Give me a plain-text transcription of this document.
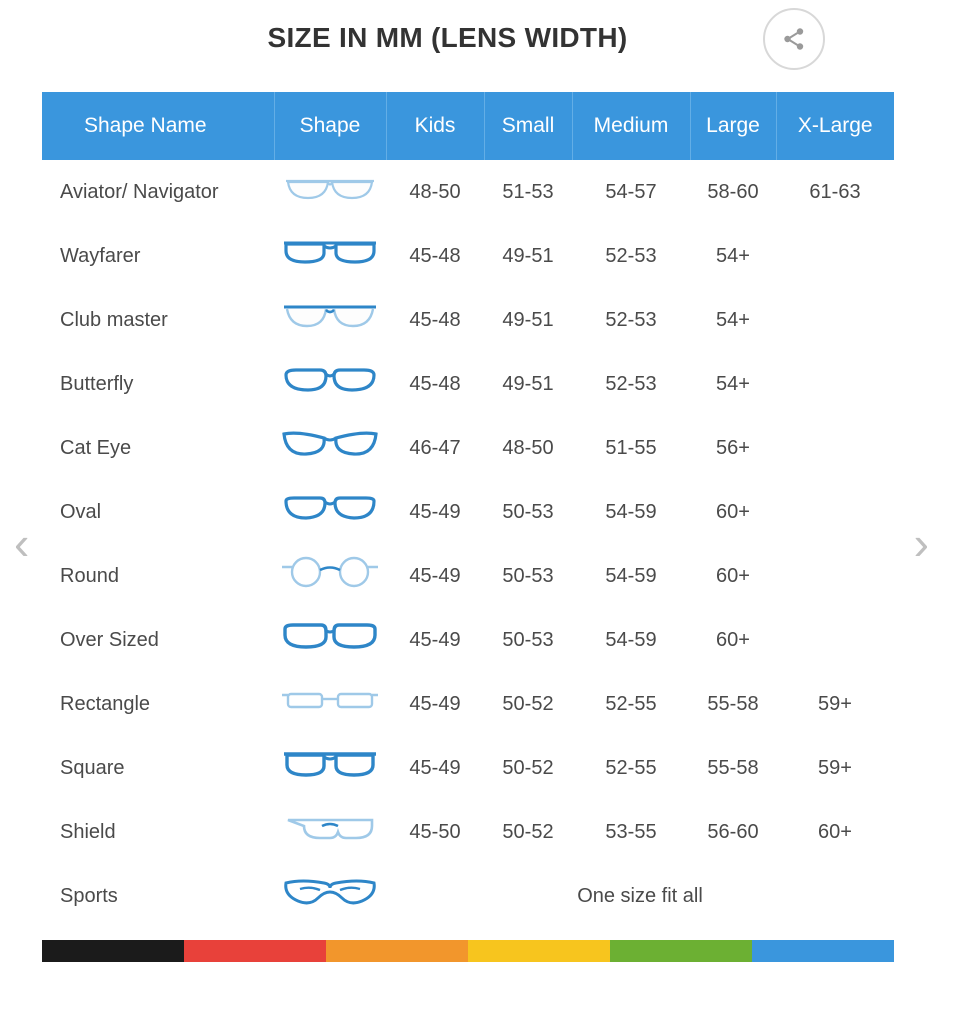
SIZE IN MM (LENS WIDTH)
Shape Name	Shape	Kids	Small	Medium	Large	X-Large
Aviator/ Navigator		48-50	51-53	54-57	58-60	61-63
Wayfarer		45-48	49-51	52-53	54+	
Club master		45-48	49-51	52-53	54+	
Butterfly		45-48	49-51	52-53	54+	
Cat Eye		46-47	48-50	51-55	56+	
Oval		45-49	50-53	54-59	60+	
Round		45-49	50-53	54-59	60+	
Over Sized		45-49	50-53	54-59	60+	
Rectangle		45-49	50-52	52-55	55-58	59+
Square		45-49	50-52	52-55	55-58	59+
Shield		45-50	50-52	53-55	56-60	60+
Sports		One size fit all				
‹	›
